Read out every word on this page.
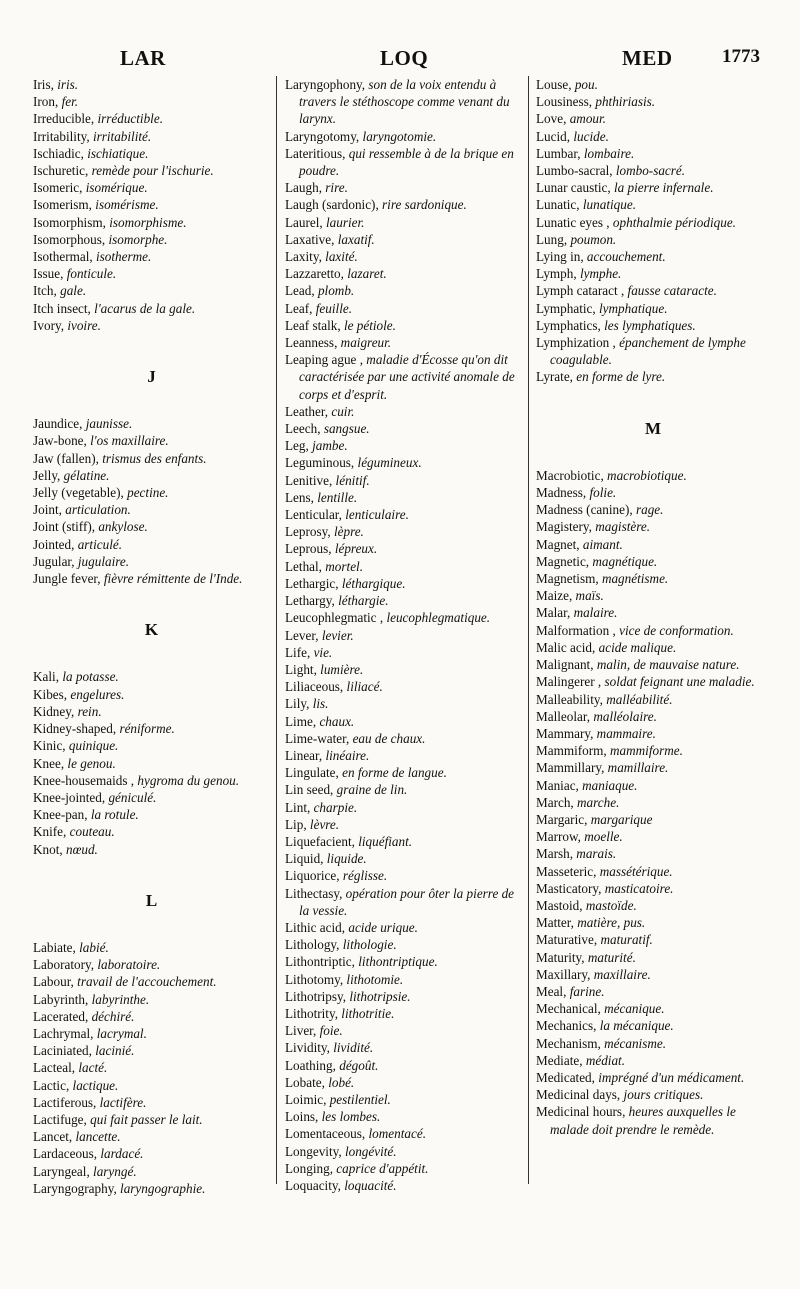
LAR	LOQ	MED	1773
Iris, iris.
Iron, fer.
Irreducible, irréductible.
Irritability, irritabilité.
Ischiadic, ischiatique.
Ischuretic, remède pour l'ischurie.
Isomeric, isomérique.
Isomerism, isomérisme.
Isomorphism, isomorphisme.
Isomorphous, isomorphe.
Isothermal, isotherme.
Issue, fonticule.
Itch, gale.
Itch insect, l'acarus de la gale.
Ivory, ivoire.
J
Jaundice, jaunisse.
Jaw-bone, l'os maxillaire.
Jaw (fallen), trismus des enfants.
Jelly, gélatine.
Jelly (vegetable), pectine.
Joint, articulation.
Joint (stiff), ankylose.
Jointed, articulé.
Jugular, jugulaire.
Jungle fever, fièvre rémittente de l'Inde.
K
Kali, la potasse.
Kibes, engelures.
Kidney, rein.
Kidney-shaped, réniforme.
Kinic, quinique.
Knee, le genou.
Knee-housemaids , hygroma du genou.
Knee-jointed, géniculé.
Knee-pan, la rotule.
Knife, couteau.
Knot, nœud.
L
Labiate, labié.
Laboratory, laboratoire.
Labour, travail de l'accouchement.
Labyrinth, labyrinthe.
Lacerated, déchiré.
Lachrymal, lacrymal.
Laciniated, lacinié.
Lacteal, lacté.
Lactic, lactique.
Lactiferous, lactifère.
Lactifuge, qui fait passer le lait.
Lancet, lancette.
Lardaceous, lardacé.
Laryngeal, laryngé.
Laryngography, laryngographie.
Laryngophony, son de la voix entendu à travers le stéthoscope comme venant du larynx.
Laryngotomy, laryngotomie.
Lateritious, qui ressemble à de la brique en poudre.
Laugh, rire.
Laugh (sardonic), rire sardonique.
Laurel, laurier.
Laxative, laxatif.
Laxity, laxité.
Lazzaretto, lazaret.
Lead, plomb.
Leaf, feuille.
Leaf stalk, le pétiole.
Leanness, maigreur.
Leaping ague , maladie d'Écosse qu'on dit caractérisée par une activité anomale de corps et d'esprit.
Leather, cuir.
Leech, sangsue.
Leg, jambe.
Leguminous, légumineux.
Lenitive, lénitif.
Lens, lentille.
Lenticular, lenticulaire.
Leprosy, lèpre.
Leprous, lépreux.
Lethal, mortel.
Lethargic, léthargique.
Lethargy, léthargie.
Leucophlegmatic , leucophlegmatique.
Lever, levier.
Life, vie.
Light, lumière.
Liliaceous, liliacé.
Lily, lis.
Lime, chaux.
Lime-water, eau de chaux.
Linear, linéaire.
Lingulate, en forme de langue.
Lin seed, graine de lin.
Lint, charpie.
Lip, lèvre.
Liquefacient, liquéfiant.
Liquid, liquide.
Liquorice, réglisse.
Lithectasy, opération pour ôter la pierre de la vessie.
Lithic acid, acide urique.
Lithology, lithologie.
Lithontriptic, lithontriptique.
Lithotomy, lithotomie.
Lithotripsy, lithotripsie.
Lithotrity, lithotritie.
Liver, foie.
Lividity, lividité.
Loathing, dégoût.
Lobate, lobé.
Loimic, pestilentiel.
Loins, les lombes.
Lomentaceous, lomentacé.
Longevity, longévité.
Longing, caprice d'appétit.
Loquacity, loquacité.
Louse, pou.
Lousiness, phthiriasis.
Love, amour.
Lucid, lucide.
Lumbar, lombaire.
Lumbo-sacral, lombo-sacré.
Lunar caustic, la pierre infernale.
Lunatic, lunatique.
Lunatic eyes , ophthalmie périodique.
Lung, poumon.
Lying in, accouchement.
Lymph, lymphe.
Lymph cataract , fausse cataracte.
Lymphatic, lymphatique.
Lymphatics, les lymphatiques.
Lymphization , épanchement de lymphe coagulable.
Lyrate, en forme de lyre.
M
Macrobiotic, macrobiotique.
Madness, folie.
Madness (canine), rage.
Magistery, magistère.
Magnet, aimant.
Magnetic, magnétique.
Magnetism, magnétisme.
Maize, maïs.
Malar, malaire.
Malformation , vice de conformation.
Malic acid, acide malique.
Malignant, malin, de mauvaise nature.
Malingerer , soldat feignant une maladie.
Malleability, malléabilité.
Malleolar, malléolaire.
Mammary, mammaire.
Mammiform, mammiforme.
Mammillary, mamillaire.
Maniac, maniaque.
March, marche.
Margaric, margarique
Marrow, moelle.
Marsh, marais.
Masseteric, massétérique.
Masticatory, masticatoire.
Mastoid, mastoïde.
Matter, matière, pus.
Maturative, maturatif.
Maturity, maturité.
Maxillary, maxillaire.
Meal, farine.
Mechanical, mécanique.
Mechanics, la mécanique.
Mechanism, mécanisme.
Mediate, médiat.
Medicated, imprégné d'un médicament.
Medicinal days, jours critiques.
Medicinal hours, heures auxquelles le malade doit prendre le remède.
